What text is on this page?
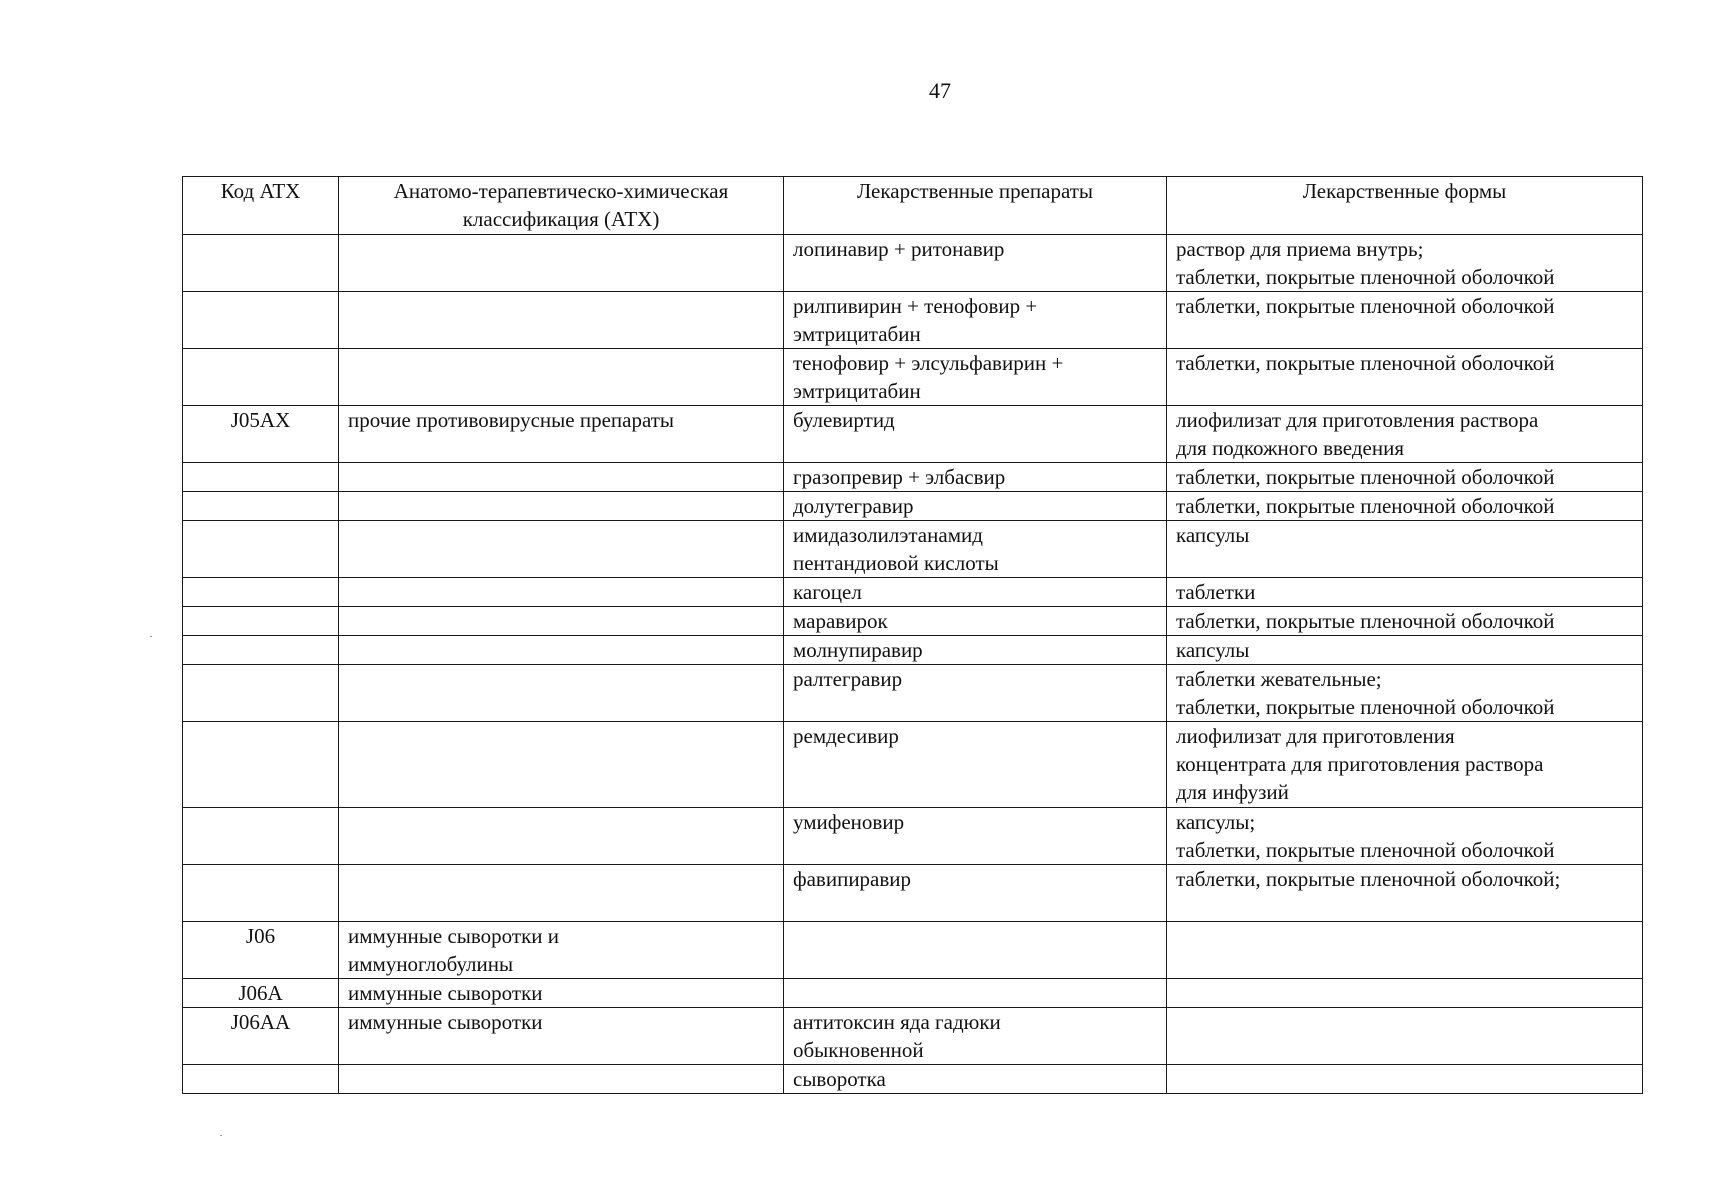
47
Код ATX	Анатомо-терапевтическо-химическая классификация (АТХ)	Лекарственные препараты	Лекарственные формы
		лопинавир + ритонавир	раствор для приема внутрь;
таблетки, покрытые пленочной оболочкой
		рилпивирин + тенофовир +
эмтрицитабин	таблетки, покрытые пленочной оболочкой
		тенофовир + элсульфавирин +
эмтрицитабин	таблетки, покрытые пленочной оболочкой
J05AX	прочие противовирусные препараты	булевиртид	лиофилизат для приготовления раствора
для подкожного введения
		гразопревир + элбасвир	таблетки, покрытые пленочной оболочкой
		долутегравир	таблетки, покрытые пленочной оболочкой
		имидазолилэтанамид
пентандиовой кислоты	капсулы
		кагоцел	таблетки
		маравирок	таблетки, покрытые пленочной оболочкой
		молнупиравир	капсулы
		ралтегравир	таблетки жевательные;
таблетки, покрытые пленочной оболочкой
		ремдесивир	лиофилизат для приготовления
концентрата для приготовления раствора
для инфузий
		умифеновир	капсулы;
таблетки, покрытые пленочной оболочкой
		фавипиравир	таблетки, покрытые пленочной оболочкой;
J06	иммунные сыворотки и
иммуноглобулины		
J06A	иммунные сыворотки		
J06AA	иммунные сыворотки	антитоксин яда гадюки
обыкновенной	
		сыворотка	
